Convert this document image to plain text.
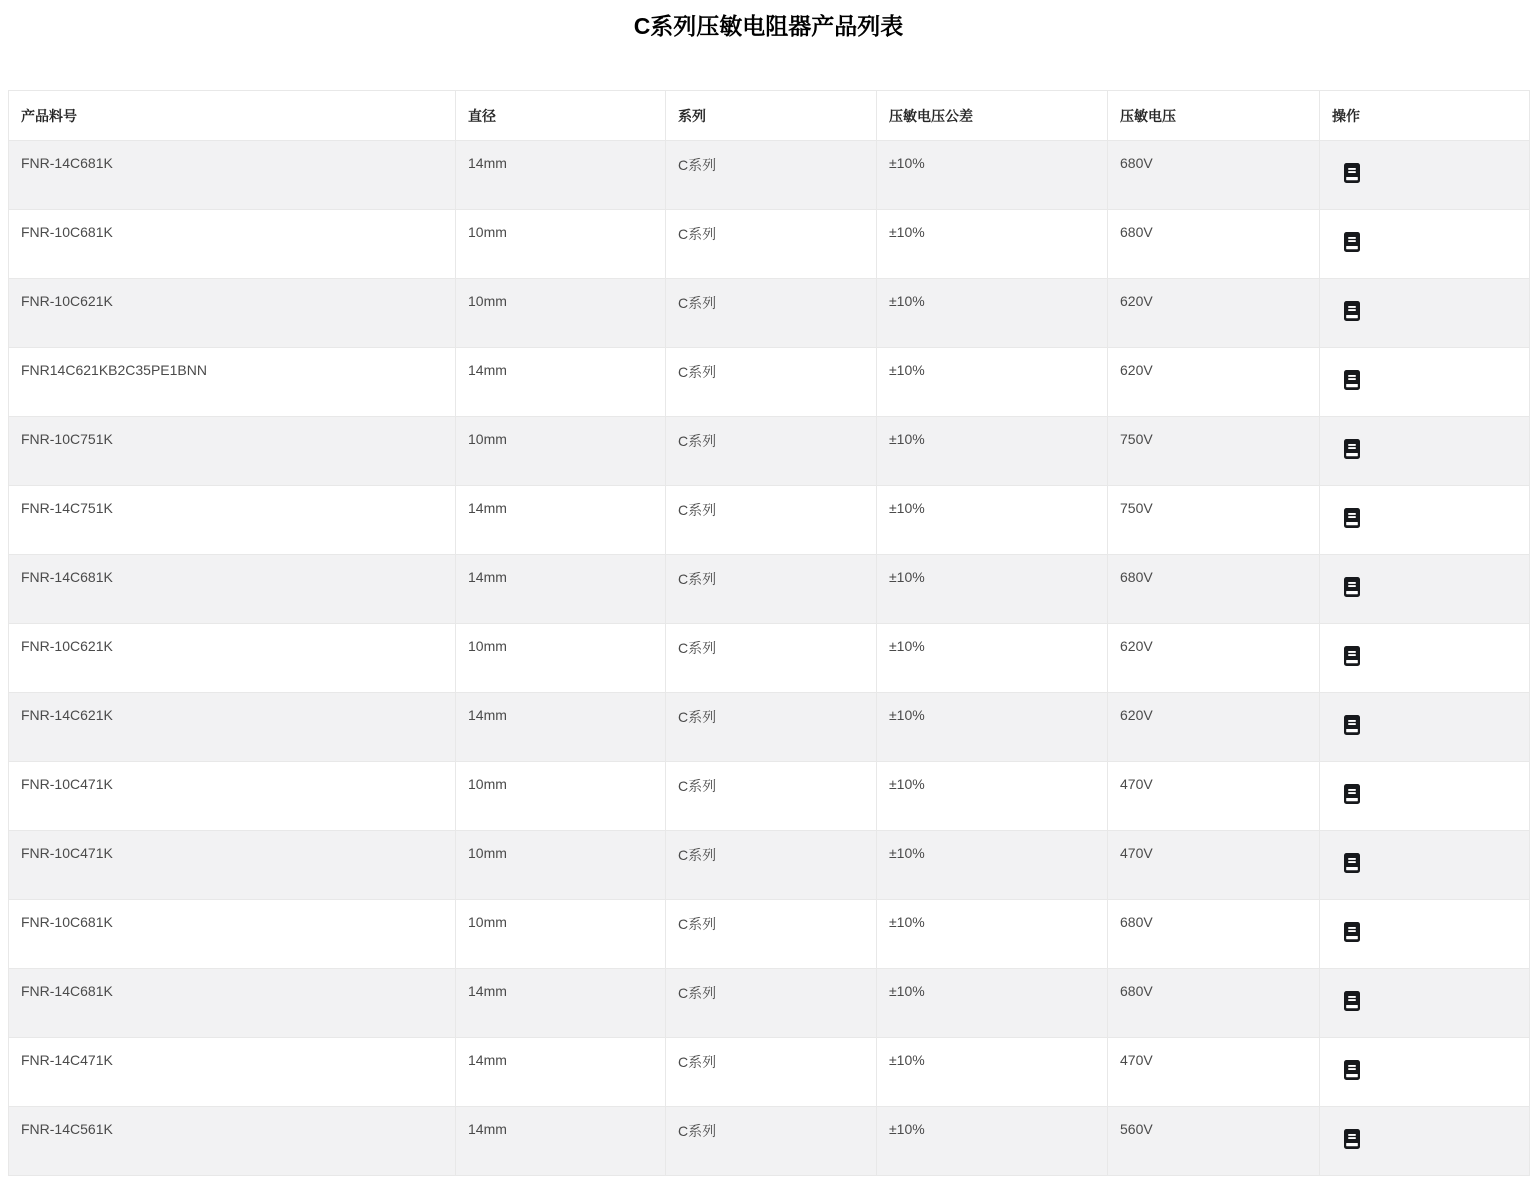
C系列压敏电阻器产品列表
产品料号	直径	系列	压敏电压公差	压敏电压	操作
FNR-14C681K	14mm	C系列	±10%	680V	

FNR-10C681K	10mm	C系列	±10%	680V	

FNR-10C621K	10mm	C系列	±10%	620V	

FNR14C621KB2C35PE1BNN	14mm	C系列	±10%	620V	

FNR-10C751K	10mm	C系列	±10%	750V	

FNR-14C751K	14mm	C系列	±10%	750V	

FNR-14C681K	14mm	C系列	±10%	680V	

FNR-10C621K	10mm	C系列	±10%	620V	

FNR-14C621K	14mm	C系列	±10%	620V	

FNR-10C471K	10mm	C系列	±10%	470V	

FNR-10C471K	10mm	C系列	±10%	470V	

FNR-10C681K	10mm	C系列	±10%	680V	

FNR-14C681K	14mm	C系列	±10%	680V	

FNR-14C471K	14mm	C系列	±10%	470V	

FNR-14C561K	14mm	C系列	±10%	560V	
